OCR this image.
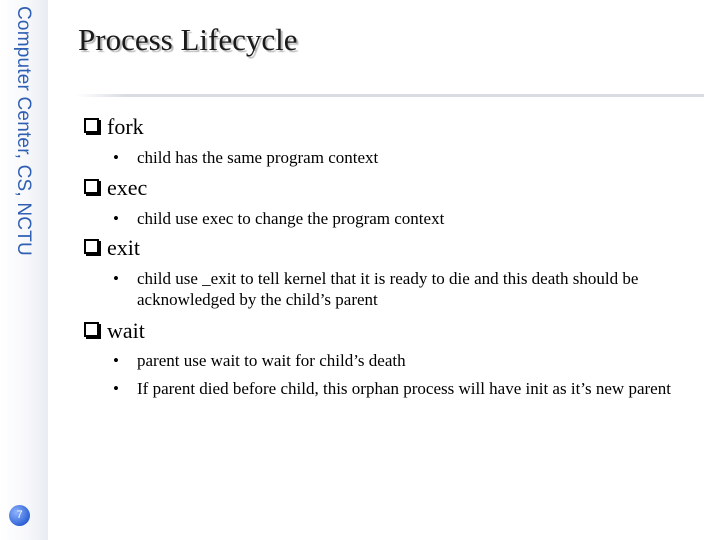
Computer Center, CS, NCTU
7
Process Lifecycle
fork
• child has the same program context
exec
• child use exec to change the program context
exit
• child use _exit to tell kernel that it is ready to die and this death should be acknowledged by the child’s parent
wait
• parent use wait to wait for child’s death
• If parent died before child, this orphan process will have init as it’s new parent
